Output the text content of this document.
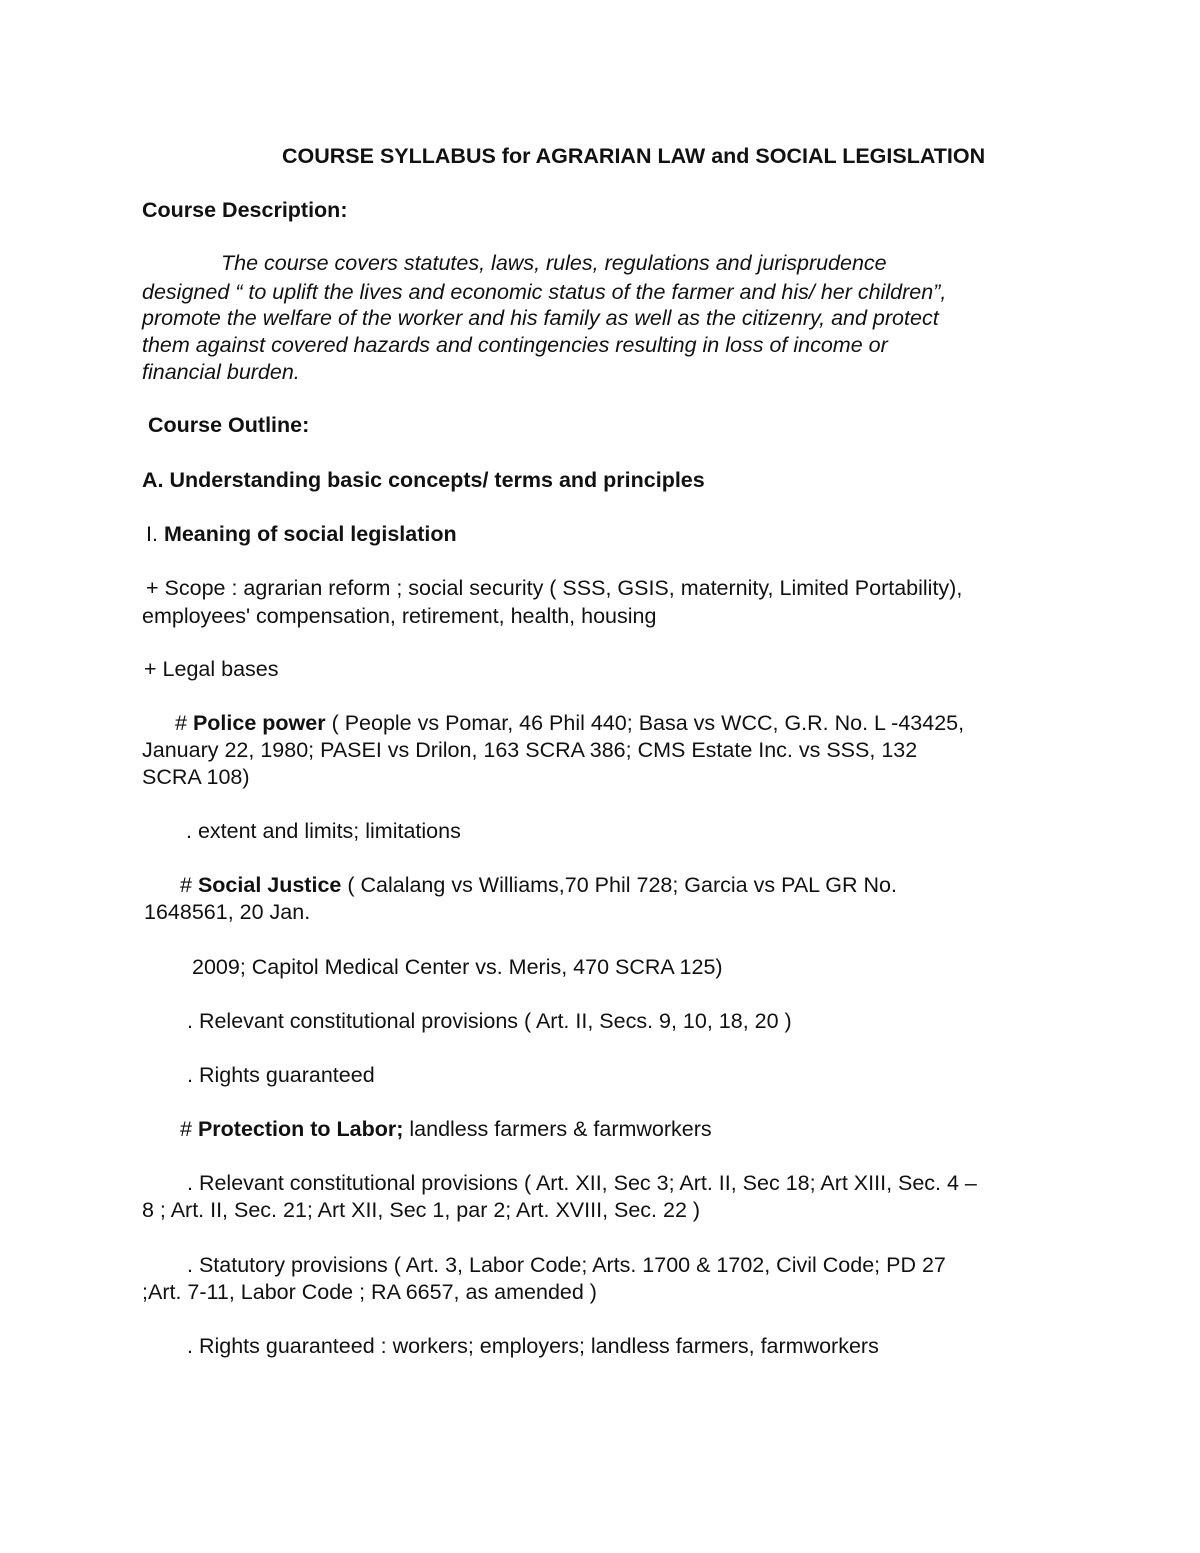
COURSE SYLLABUS for AGRARIAN LAW and SOCIAL LEGISLATION
Course Description:
The course covers statutes, laws, rules, regulations and jurisprudence
designed “ to uplift the lives and economic status of the farmer and his/ her children”,
promote the welfare of the worker and his family as well as the citizenry, and protect
them against covered hazards and contingencies resulting in loss of income or
financial burden.
Course Outline:
A. Understanding basic concepts/ terms and principles
I. Meaning of social legislation
+ Scope : agrarian reform ; social security ( SSS, GSIS, maternity, Limited Portability),
employees' compensation, retirement, health, housing
+ Legal bases
# Police power ( People vs Pomar, 46 Phil 440; Basa vs WCC, G.R. No. L -43425,
January 22, 1980; PASEI vs Drilon, 163 SCRA 386; CMS Estate Inc. vs SSS, 132
SCRA 108)
. extent and limits; limitations
# Social Justice ( Calalang vs Williams,70 Phil 728; Garcia vs PAL GR No.
1648561, 20 Jan.
2009; Capitol Medical Center vs. Meris, 470 SCRA 125)
. Relevant constitutional provisions ( Art. II, Secs. 9, 10, 18, 20 )
. Rights guaranteed
# Protection to Labor; landless farmers & farmworkers
. Relevant constitutional provisions ( Art. XII, Sec 3; Art. II, Sec 18; Art XIII, Sec. 4 –
8 ; Art. II, Sec. 21; Art XII, Sec 1, par 2; Art. XVIII, Sec. 22 )
. Statutory provisions ( Art. 3, Labor Code; Arts. 1700 & 1702, Civil Code; PD 27
;Art. 7-11, Labor Code ; RA 6657, as amended )
. Rights guaranteed : workers; employers; landless farmers, farmworkers
